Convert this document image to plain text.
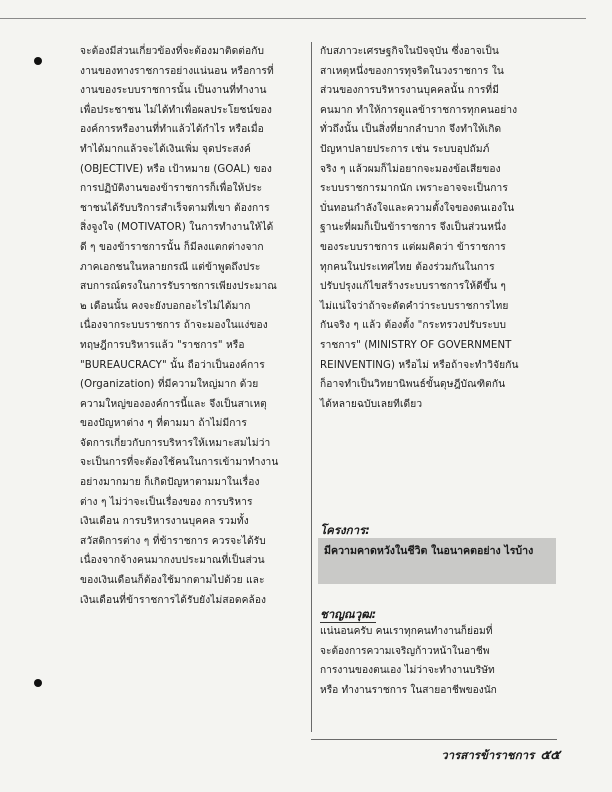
จะต้องมีส่วนเกี่ยวข้องที่จะต้องมาติดต่อกับ

งานของทางราชการอย่างแน่นอน หรือการที่

งานของระบบราชการนั้น เป็นงานที่ทำงาน

เพื่อประชาชน ไม่ได้ทำเพื่อผลประโยชน์ของ

องค์การหรืองานที่ทำแล้วได้กำไร หรือเมื่อ

ทำได้มากแล้วจะได้เงินเพิ่ม จุดประสงค์

(OBJECTIVE) หรือ เป้าหมาย (GOAL) ของ

การปฏิบัติงานของข้าราชการก็เพื่อให้ประ

ชาชนได้รับบริการสำเร็จตามที่เขา ต้องการ

สิ่งจูงใจ (MOTIVATOR) ในการทำงานให้ได้

ดี ๆ ของข้าราชการนั้น ก็มีลงแตกต่างจาก

ภาคเอกชนในหลายกรณี แต่ข้าพูดถึงประ

สบการณ์ตรงในการรับราชการเพียงประมาณ

๒ เดือนนั้น คงจะยังบอกอะไรไม่ได้มาก

เนื่องจากระบบราชการ ถ้าจะมองในแง่ของ

ทฤษฎีการบริหารแล้ว "ราชการ" หรือ

"BUREAUCRACY" นั้น ถือว่าเป็นองค์การ

(Organization) ที่มีความใหญ่มาก ด้วย

ความใหญ่ขององค์การนี้และ จึงเป็นสาเหตุ

ของปัญหาต่าง ๆ ที่ตามมา ถ้าไม่มีการ

จัดการเกี่ยวกับการบริหารให้เหมาะสมไม่ว่า

จะเป็นการที่จะต้องใช้คนในการเข้ามาทำงาน

อย่างมากมาย ก็เกิดปัญหาตามมาในเรื่อง

ต่าง ๆ ไม่ว่าจะเป็นเรื่องของ การบริหาร

เงินเดือน การบริหารงานบุคคล รวมทั้ง

สวัสดิการต่าง ๆ ที่ข้าราชการ ควรจะได้รับ

เนื่องจากจ้างคนมากงบประมาณที่เป็นส่วน

ของเงินเดือนก็ต้องใช้มากตามไปด้วย และ

เงินเดือนที่ข้าราชการได้รับยังไม่สอดคล้อง

กับสภาวะเศรษฐกิจในปัจจุบัน ซึ่งอาจเป็น

สาเหตุหนึ่งของการทุจริตในวงราชการ ใน

ส่วนของการบริหารงานบุคคลนั้น การที่มี

คนมาก ทำให้การดูแลข้าราชการทุกคนอย่าง

ทั่วถึงนั้น เป็นสิ่งที่ยากลำบาก จึงทำให้เกิด

ปัญหาปลายประการ เช่น ระบบอุปถัมภ์

จริง ๆ แล้วผมก็ไม่อยากจะมองข้อเสียของ

ระบบราชการมากนัก เพราะอาจจะเป็นการ

บั่นทอนกำลังใจและความตั้งใจของตนเองใน

ฐานะที่ผมก็เป็นข้าราชการ จึงเป็นส่วนหนึ่ง

ของระบบราชการ แต่ผมคิดว่า ข้าราชการ

ทุกคนในประเทศไทย ต้องร่วมกันในการ

ปรับปรุงแก้ไขสร้างระบบราชการให้ดีขึ้น ๆ

ไม่แน่ใจว่าถ้าจะตัดคำว่าระบบราชการไทย

กันจริง ๆ แล้ว ต้องตั้ง "กระทรวงปรับระบบ

ราชการ" (MINISTRY OF GOVERNMENT

REINVENTING) หรือไม่ หรือถ้าจะทำวิจัยกัน

ก็อาจทำเป็นวิทยานิพนธ์ขั้นดุษฎีบัณฑิตกัน

ได้หลายฉบับเลยทีเดียว

โครงการ:
มีความคาดหวังในชีวิต ในอนาคตอย่าง ไรบ้าง
ชาญณวุฒ:

แน่นอนครับ คนเราทุกคนทำงานก็ย่อมที่

จะต้องการความเจริญก้าวหน้าในอาชีพ

การงานของตนเอง ไม่ว่าจะทำงานบริษัท

หรือ ทำงานราชการ ในสายอาชีพของนัก

วารสารข้าราชการ ๕๕
